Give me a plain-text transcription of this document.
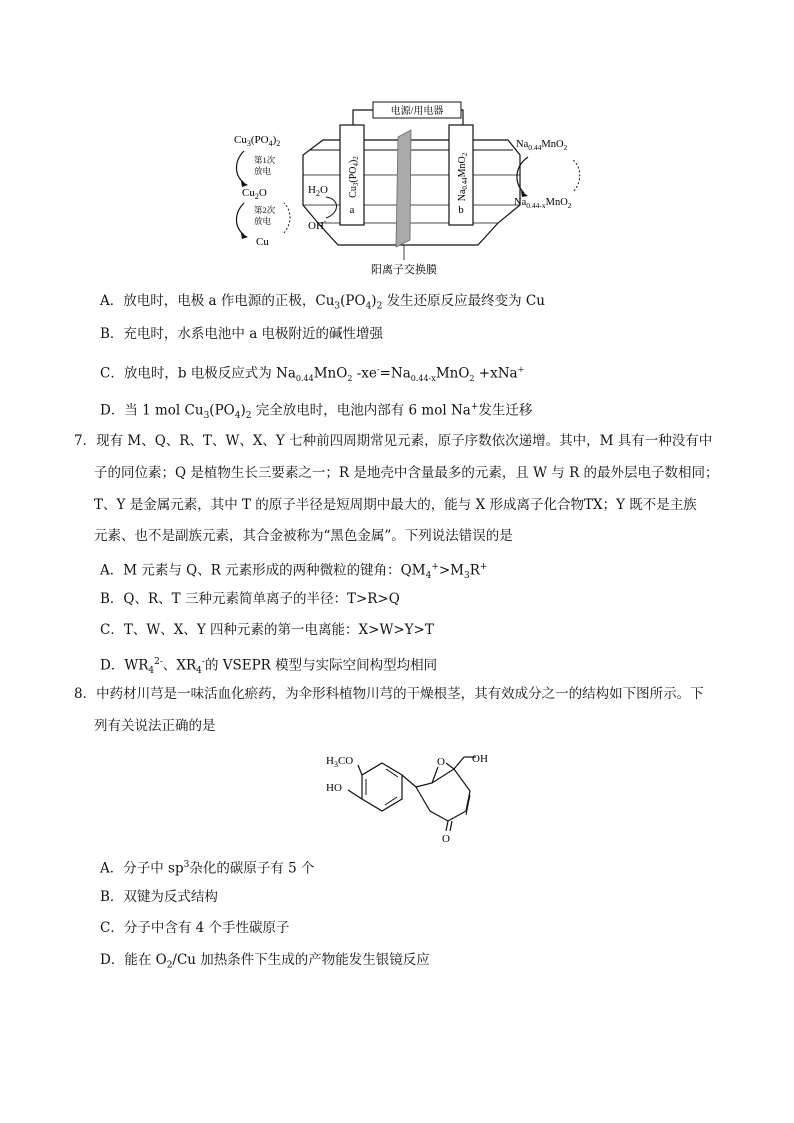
电源/用电器
$Cu_3(PO_4)_2$
a
$Na_{0.44}MnO_2$
b
$H_2O$
OH-
$Cu_3(PO_4)_2$
第1次
放电
$Cu_2O$
第2次
放电
Cu
$Na_{0.44}MnO_2$
$Na_{0.44-x}MnO_2$
阳离子交换膜
A．放电时，电极 a 作电源的正极，$Cu_3(PO_4)_2$ 发生还原反应最终变为 Cu
B．充电时，水系电池中 a 电极附近的碱性增强
C．放电时，b 电极反应式为 $Na_{0.44}MnO_2$ $-xe^-=Na_{0.44-x}MnO_2 +xNa^+$
D．当 1 mol $Cu_3(PO_4)_2$ 完全放电时，电池内部有 6 mol Na+发生迁移
7．现有 M、Q、R、T、W、X、Y 七种前四周期常见元素，原子序数依次递增。其中，M 具有一种没有中
子的同位素；Q 是植物生长三要素之一；R 是地壳中含量最多的元素，且 W 与 R 的最外层电子数相同；
T、Y 是金属元素，其中 T 的原子半径是短周期中最大的，能与 X 形成离子化合物TX；Y 既不是主族
元素、也不是副族元素，其合金被称为“黑色金属”。下列说法错误的是
A．M 元素与 Q、R 元素形成的两种微粒的键角：$QM_4^+>M_3R^+$
B．Q、R、T 三种元素简单离子的半径：T>R>Q
C．T、W、X、Y 四种元素的第一电离能：X>W>Y>T
D．$WR_4^{2-}$、$XR_4^-$的 VSEPR 模型与实际空间构型均相同
8．中药材川芎是一味活血化瘀药，为伞形科植物川芎的干燥根茎，其有效成分之一的结构如下图所示。下
列有关说法正确的是
$H_3CO$
HO
O OH
O
A．分子中 $sp^3$杂化的碳原子有 5 个
B．双键为反式结构
C．分子中含有 4 个手性碳原子
D．能在 $O_2/Cu$ 加热条件下生成的产物能发生银镜反应
